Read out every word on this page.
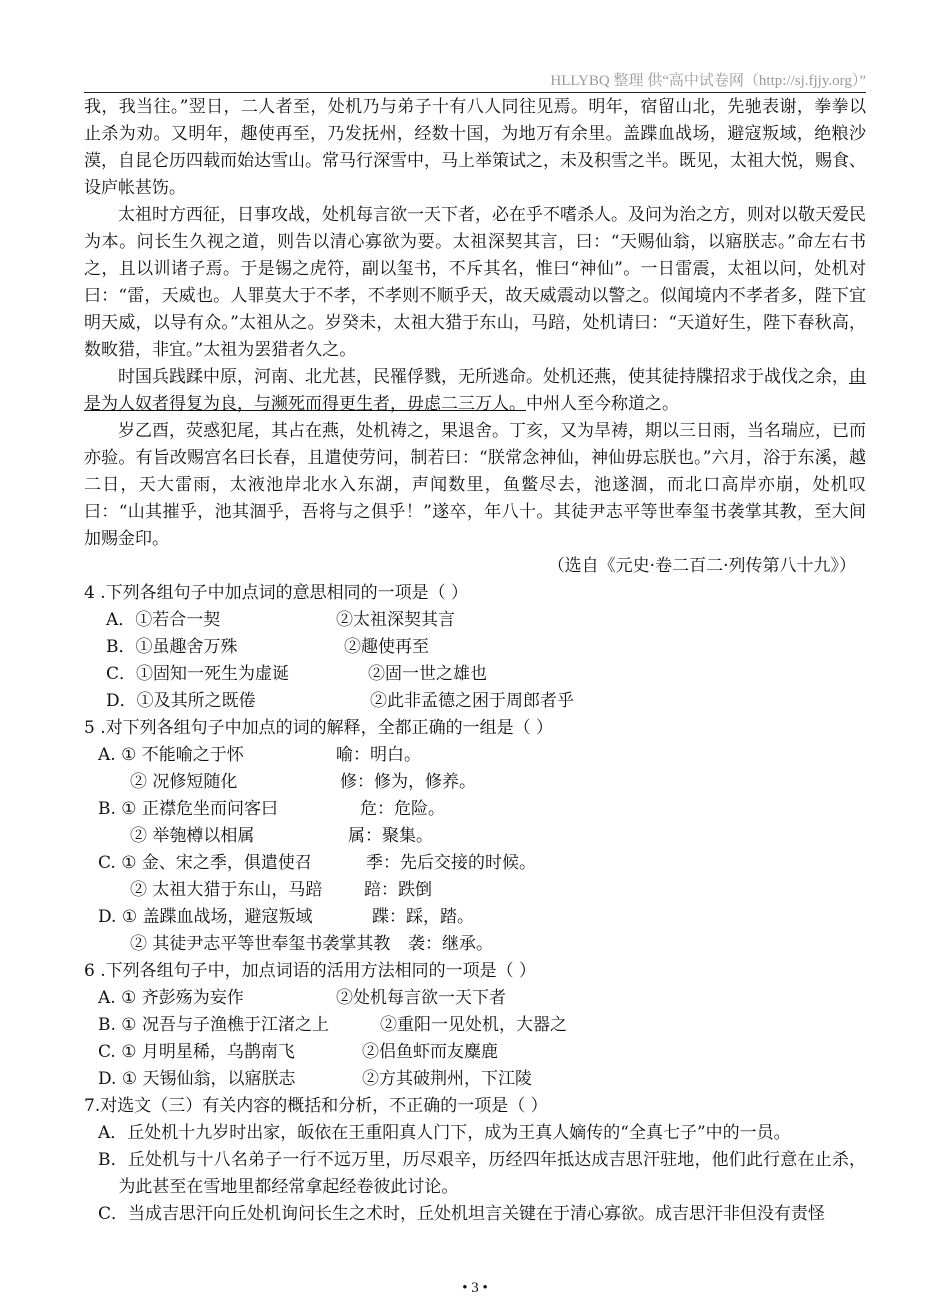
HLLYBQ 整理 供“高中试卷网（http://sj.fjjy.org）”

我，我当往。”翌日，二人者至，处机乃与弟子十有八人同往见焉。明年，宿留山北，先驰表谢，拳拳以止杀为劝。又明年，趣使再至，乃发抚州，经数十国，为地万有余里。盖蹀血战场，避寇叛域，绝粮沙漠，自昆仑历四载而始达雪山。常马行深雪中，马上举策试之，未及积雪之半。既见，太祖大悦，赐食、设庐帐甚饬。

太祖时方西征，日事攻战，处机每言欲一天下者，必在乎不嗜杀人。及问为治之方，则对以敬天爱民为本。问长生久视之道，则告以清心寡欲为要。太祖深契其言，曰：“天赐仙翁，以寤朕志。”命左右书之，且以训诸子焉。于是锡之虎符，副以玺书，不斥其名，惟曰“神仙”。一日雷震，太祖以问，处机对曰：“雷，天威也。人罪莫大于不孝，不孝则不顺乎天，故天威震动以警之。似闻境内不孝者多，陛下宜明天威，以导有众。”太祖从之。岁癸未，太祖大猎于东山，马踣，处机请曰：“天道好生，陛下春秋高，数畋猎，非宜。”太祖为罢猎者久之。

时国兵践蹂中原，河南、北尤甚，民罹俘戮，无所逃命。处机还燕，使其徒持牒招求于战伐之余，由是为人奴者得复为良，与濒死而得更生者，毋虑二三万人。中州人至今称道之。

岁乙酉，荧惑犯尾，其占在燕，处机祷之，果退舍。丁亥，又为旱祷，期以三日雨，当名瑞应，已而亦验。有旨改赐宫名曰长春，且遣使劳问，制若曰：“朕常念神仙，神仙毋忘朕也。”六月，浴于东溪，越二日，天大雷雨，太液池岸北水入东湖，声闻数里，鱼鳖尽去，池遂涸，而北口高岸亦崩，处机叹曰：“山其摧乎，池其涸乎，吾将与之俱乎！”遂卒，年八十。其徒尹志平等世奉玺书袭掌其教，至大间加赐金印。

（选自《元史·卷二百二·列传第八十九》）

4 .下列各组句子中加点词的意思相同的一项是（ ）

A．①若合一契	②太祖深契其言
B．①虽趣舍万殊	②趣使再至
C．①固知一死生为虚诞	②固一世之雄也
D．①及其所之既倦	②此非孟德之困于周郎者乎

5 .对下列各组句子中加点的词的解释，全都正确的一组是（ ）

A. ① 不能喻之于怀	喻：明白。
② 况修短随化	修：修为，修养。
B. ① 正襟危坐而问客曰	危：危险。
② 举匏樽以相属	属：聚集。
C. ① 金、宋之季，俱遣使召	季：先后交接的时候。
② 太祖大猎于东山，马踣 踣：跌倒
D. ① 盖蹀血战场，避寇叛域	蹀：踩，踏。
② 其徒尹志平等世奉玺书袭掌其教 袭：继承。

6 .下列各组句子中，加点词语的活用方法相同的一项是（ ）

A. ① 齐彭殇为妄作	②处机每言欲一天下者
B. ① 况吾与子渔樵于江渚之上	②重阳一见处机，大器之
C. ① 月明星稀，乌鹊南飞	②侣鱼虾而友麋鹿
D. ① 天锡仙翁，以寤朕志	②方其破荆州，下江陵

7.对选文（三）有关内容的概括和分析，不正确的一项是（ ）

A．丘处机十九岁时出家，皈依在王重阳真人门下，成为王真人嫡传的“全真七子”中的一员。

B．丘处机与十八名弟子一行不远万里，历尽艰辛，历经四年抵达成吉思汗驻地，他们此行意在止杀，为此甚至在雪地里都经常拿起经卷彼此讨论。

C．当成吉思汗向丘处机询问长生之术时，丘处机坦言关键在于清心寡欲。成吉思汗非但没有责怪

• 3 •
